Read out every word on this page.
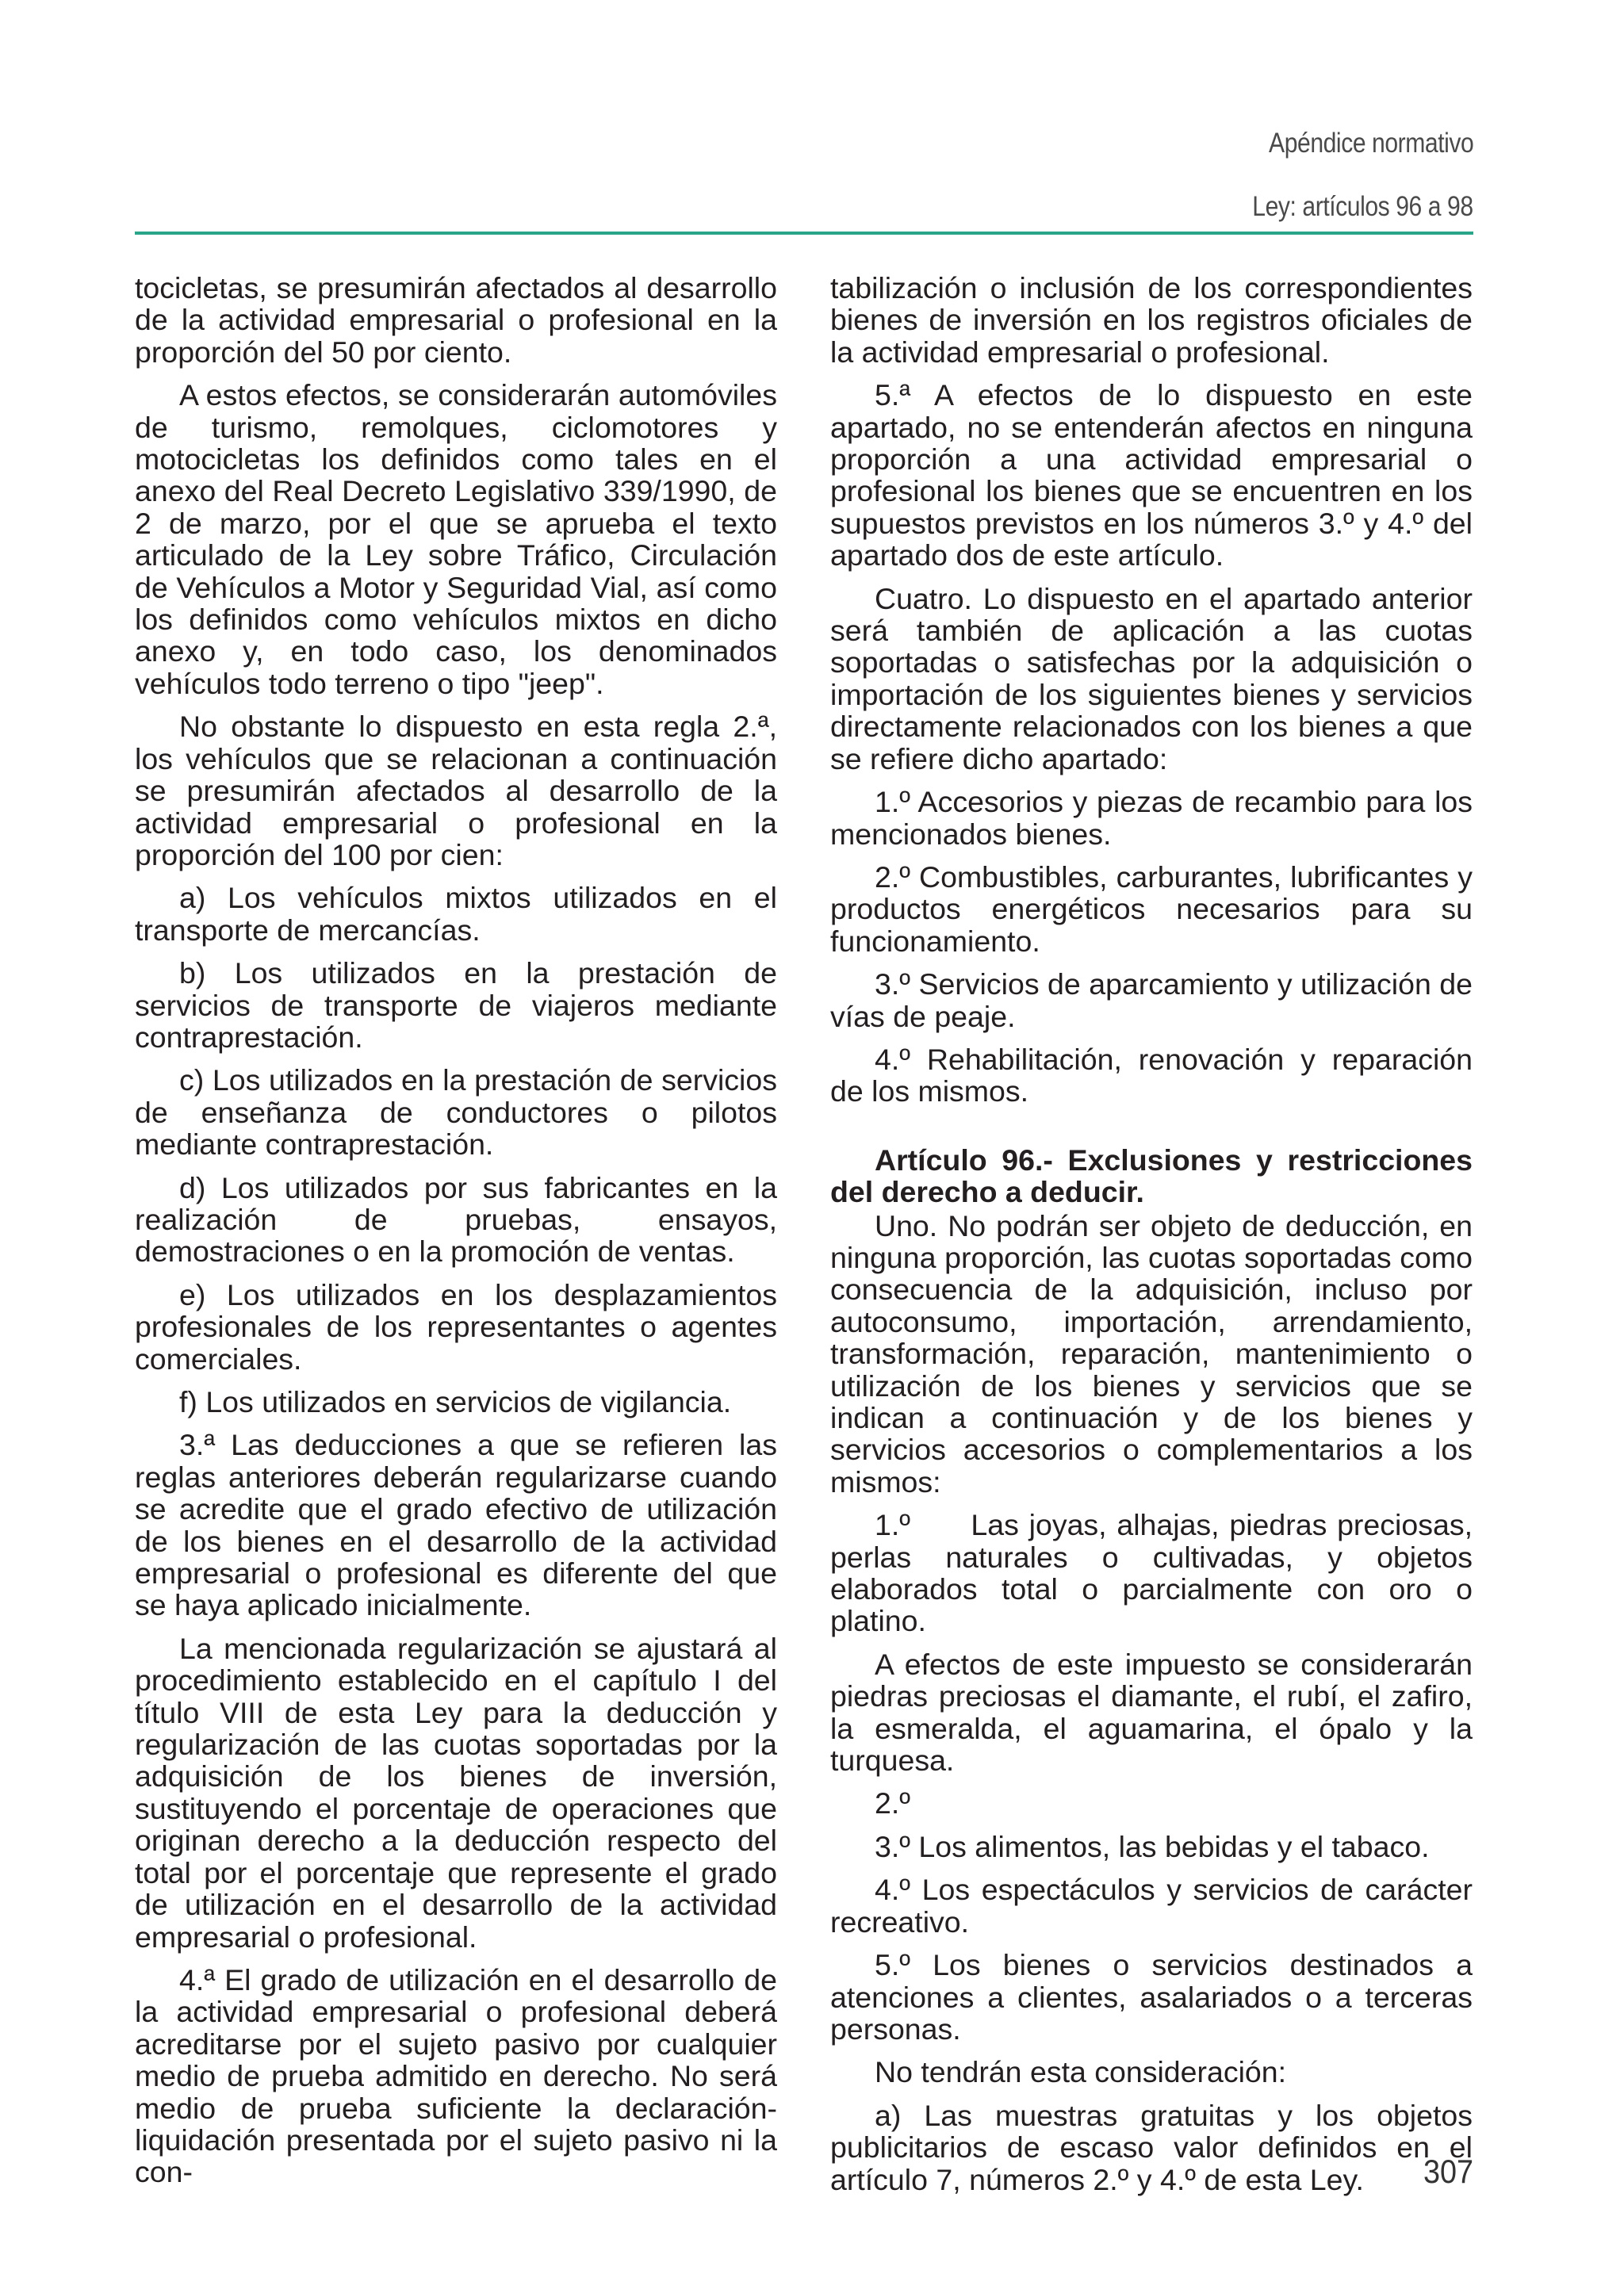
Apéndice normativo
Ley: artículos 96 a 98

tocicletas, se presumirán afectados al desarrollo de la actividad empresarial o profesional en la proporción del 50 por ciento.

A estos efectos, se considerarán automóviles de turismo, remolques, ciclomotores y motocicletas los definidos como tales en el anexo del Real Decreto Legislativo 339/1990, de 2 de marzo, por el que se aprueba el texto articulado de la Ley sobre Tráfico, Circulación de Vehículos a Motor y Seguridad Vial, así como los definidos como vehículos mixtos en dicho anexo y, en todo caso, los denominados vehículos todo terreno o tipo "jeep".

No obstante lo dispuesto en esta regla 2.ª, los vehículos que se relacionan a continuación se presumirán afectados al desarrollo de la actividad empresarial o profesional en la proporción del 100 por cien:

a) Los vehículos mixtos utilizados en el transporte de mercancías.

b) Los utilizados en la prestación de servicios de transporte de viajeros mediante contraprestación.

c) Los utilizados en la prestación de servicios de enseñanza de conductores o pilotos mediante contraprestación.

d) Los utilizados por sus fabricantes en la realización de pruebas, ensayos, demostraciones o en la promoción de ventas.

e) Los utilizados en los desplazamientos profesionales de los representantes o agentes comerciales.

f) Los utilizados en servicios de vigilancia.

3.ª Las deducciones a que se refieren las reglas anteriores deberán regularizarse cuando se acredite que el grado efectivo de utilización de los bienes en el desarrollo de la actividad empresarial o profesional es diferente del que se haya aplicado inicialmente.

La mencionada regularización se ajustará al procedimiento establecido en el capítulo I del título VIII de esta Ley para la deducción y regularización de las cuotas soportadas por la adquisición de los bienes de inversión, sustituyendo el porcentaje de operaciones que originan derecho a la deducción respecto del total por el porcentaje que represente el grado de utilización en el desarrollo de la actividad empresarial o profesional.

4.ª El grado de utilización en el desarrollo de la actividad empresarial o profesional deberá acreditarse por el sujeto pasivo por cualquier medio de prueba admitido en derecho. No será medio de prueba suficiente la declaración-liquidación presentada por el sujeto pasivo ni la con-

tabilización o inclusión de los correspondientes bienes de inversión en los registros oficiales de la actividad empresarial o profesional.

5.ª A efectos de lo dispuesto en este apartado, no se entenderán afectos en ninguna proporción a una actividad empresarial o profesional los bienes que se encuentren en los supuestos previstos en los números 3.º y 4.º del apartado dos de este artículo.

Cuatro. Lo dispuesto en el apartado anterior será también de aplicación a las cuotas soportadas o satisfechas por la adquisición o importación de los siguientes bienes y servicios directamente relacionados con los bienes a que se refiere dicho apartado:

1.º Accesorios y piezas de recambio para los mencionados bienes.

2.º Combustibles, carburantes, lubrificantes y productos energéticos necesarios para su funcionamiento.

3.º Servicios de aparcamiento y utilización de vías de peaje.

4.º Rehabilitación, renovación y reparación de los mismos.

Artículo 96.- Exclusiones y restricciones del derecho a deducir.

Uno. No podrán ser objeto de deducción, en ninguna proporción, las cuotas soportadas como consecuencia de la adquisición, incluso por autoconsumo, importación, arrendamiento, transformación, reparación, mantenimiento o utilización de los bienes y servicios que se indican a continuación y de los bienes y servicios accesorios o complementarios a los mismos:

1.º      Las joyas, alhajas, piedras preciosas, perlas naturales o cultivadas, y objetos elaborados total o parcialmente con oro o platino.

A efectos de este impuesto se considerarán piedras preciosas el diamante, el rubí, el zafiro, la esmeralda, el aguamarina, el ópalo y la turquesa.

2.º

3.º Los alimentos, las bebidas y el tabaco.

4.º Los espectáculos y servicios de carácter recreativo.

5.º Los bienes o servicios destinados a atenciones a clientes, asalariados o a terceras personas.

No tendrán esta consideración:

a) Las muestras gratuitas y los objetos publicitarios de escaso valor definidos en el artículo 7, números 2.º y 4.º de esta Ley.	307
